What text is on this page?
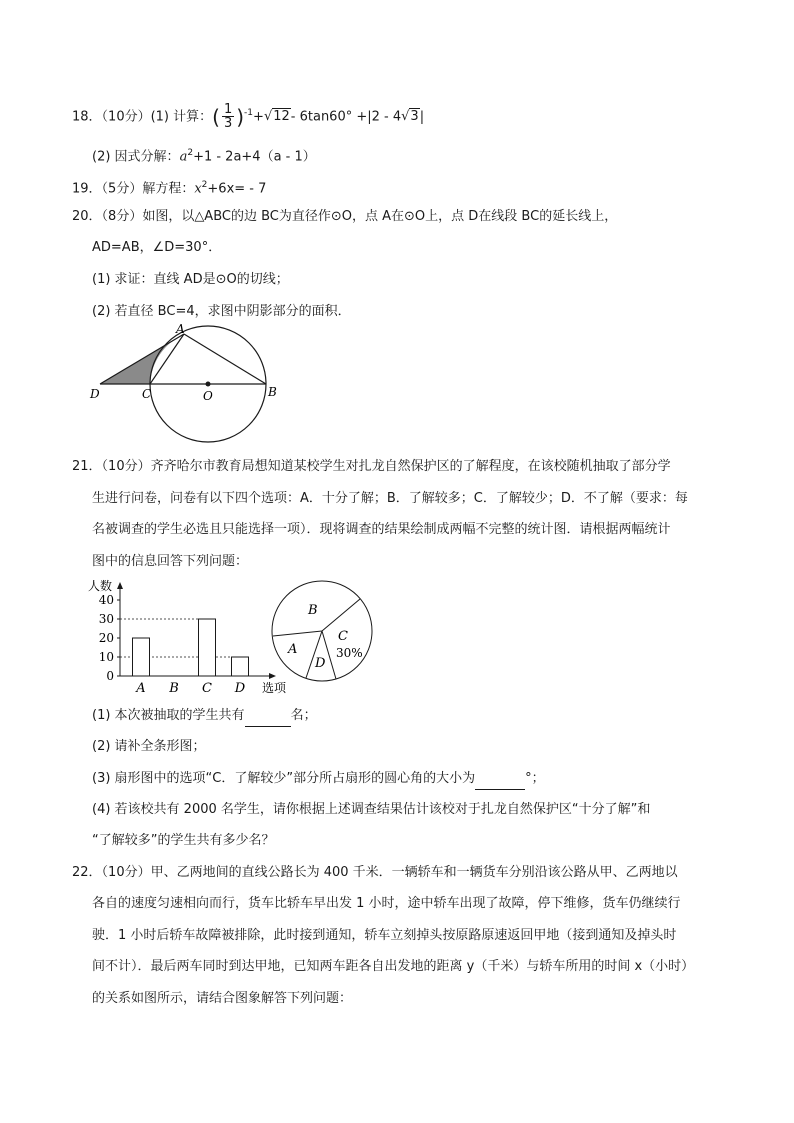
18．（10分）(1) 计算：( $\frac{1}{3} )^{-1}+√12-$ 6tan60° +|2 - 4√3|
(2) 因式分解：$a^2+1 - 2a+4(a - 1)$
19．（5分）解方程：$x^2+6x= - 7$
20．（8分）如图，以△ABC的边 BC为直径作⊙O，点 A在⊙O上，点 D在线段 BC的延长线上，
AD=AB，∠D=30°．
(1) 求证：直线 AD是⊙O的切线；
(2) 若直径 BC=4，求图中阴影部分的面积．
A
B
C
D	O
21．（10分）齐齐哈尔市教育局想知道某校学生对扎龙自然保护区的了解程度，在该校随机抽取了部分学
生进行问卷，问卷有以下四个选项：A．十分了解；B．了解较多；C．了解较少；D．不了解（要求：每
名被调查的学生必选且只能选择一项）．现将调查的结果绘制成两幅不完整的统计图．请根据两幅统计
图中的信息回答下列问题：
人数
选项
0
10
20
30
40
A B C D
B
A
C
30%
D
(1) 本次被抽取的学生共有	名；
(2) 请补全条形图；
(3) 扇形图中的选项“C．了解较少”部分所占扇形的圆心角的大小为	°；
(4) 若该校共有 2000 名学生，请你根据上述调查结果估计该校对于扎龙自然保护区“十分了解”和
“了解较多”的学生共有多少名？
22．（10分）甲、乙两地间的直线公路长为 400 千米．一辆轿车和一辆货车分别沿该公路从甲、乙两地以
各自的速度匀速相向而行，货车比轿车早出发 1 小时，途中轿车出现了故障，停下维修，货车仍继续行
驶．1 小时后轿车故障被排除，此时接到通知，轿车立刻掉头按原路原速返回甲地（接到通知及掉头时
间不计）．最后两车同时到达甲地，已知两车距各自出发地的距离 y（千米）与轿车所用的时间 x（小时）
的关系如图所示，请结合图象解答下列问题：
